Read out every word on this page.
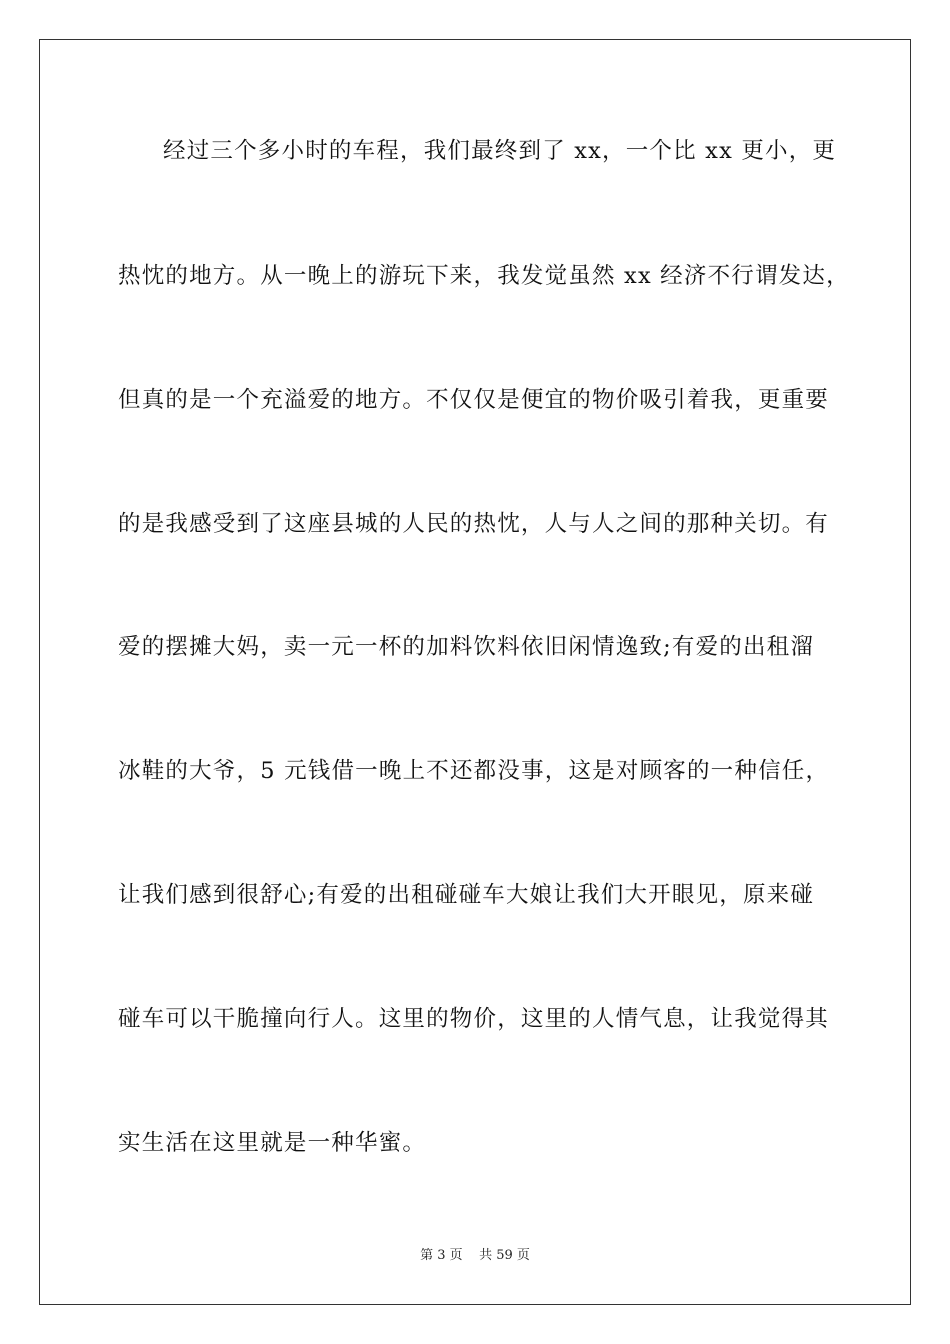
经过三个多小时的车程，我们最终到了 xx，一个比 xx 更小，更
热忱的地方。从一晚上的游玩下来，我发觉虽然 xx 经济不行谓发达，
但真的是一个充溢爱的地方。不仅仅是便宜的物价吸引着我，更重要
的是我感受到了这座县城的人民的热忱，人与人之间的那种关切。有
爱的摆摊大妈，卖一元一杯的加料饮料依旧闲情逸致;有爱的出租溜
冰鞋的大爷，5 元钱借一晚上不还都没事，这是对顾客的一种信任，
让我们感到很舒心;有爱的出租碰碰车大娘让我们大开眼见，原来碰
碰车可以干脆撞向行人。这里的物价，这里的人情气息，让我觉得其
实生活在这里就是一种华蜜。
第 3 页    共 59 页
